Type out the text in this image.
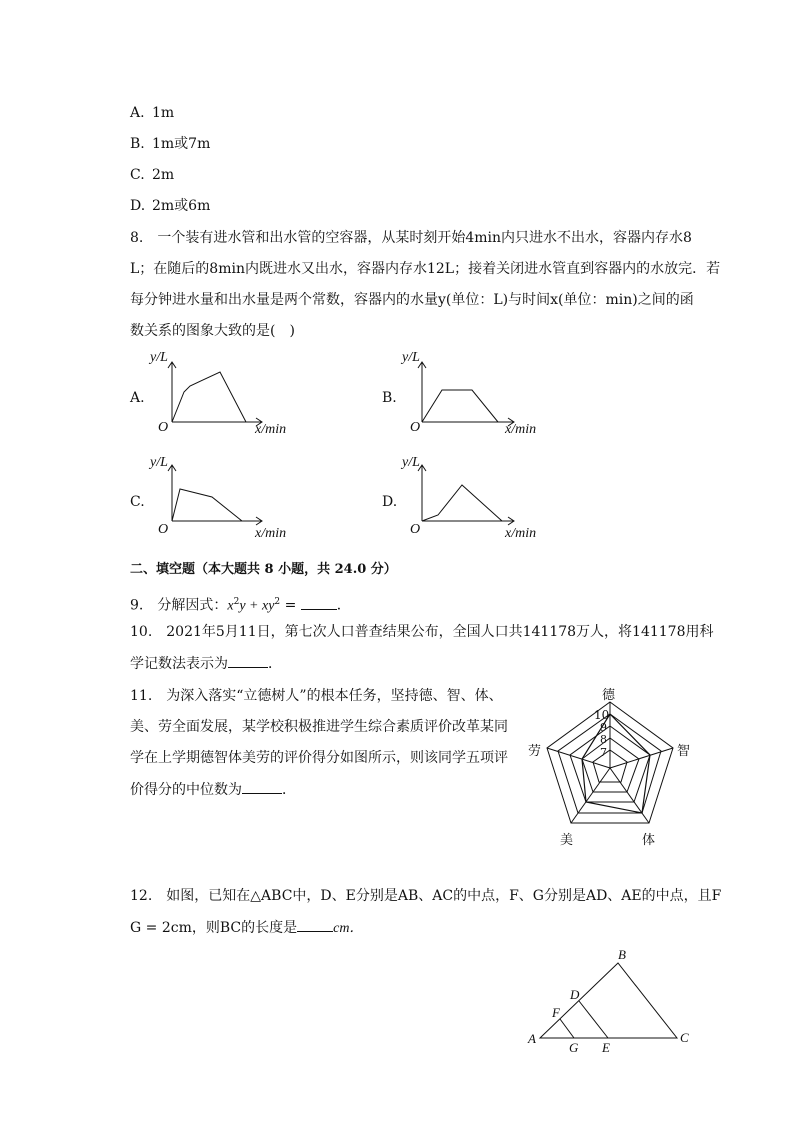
A. 1m
B. 1m或7m
C. 2m
D. 2m或6m
8.　一个装有进水管和出水管的空容器，从某时刻开始4min内只进水不出水，容器内存水8
L；在随后的8min内既进水又出水，容器内存水12L；接着关闭进水管直到容器内的水放完．若
每分钟进水量和出水量是两个常数，容器内的水量y(单位：L)与时间x(单位：min)之间的函
数关系的图象大致的是(　)
A.
y/L
O	x/min
B.
y/L
O	x/min
C.
y/L
O	x/min
D.
y/L
O	x/min
二、填空题（本大题共 8 小题，共 24.0 分）
9.　分解因式：$x^2y + xy^2$ =	．
10.　2021年5月11日，第七次人口普查结果公布，全国人口共141178万人，将141178用科
学记数法表示为	．
11.　为深入落实“立德树人”的根本任务，坚持德、智、体、
美、劳全面发展，某学校积极推进学生综合素质评价改革某同
学在上学期德智体美劳的评价得分如图所示，则该同学五项评
价得分的中位数为	．
德
智
体
美
劳
10
9
8
7
12.　如图，已知在△ABC中，D、E分别是AB、AC的中点，F、G分别是AD、AE的中点，且F
G = 2cm，则BC的长度是	cm．
A
B
C
D
E
F
G
